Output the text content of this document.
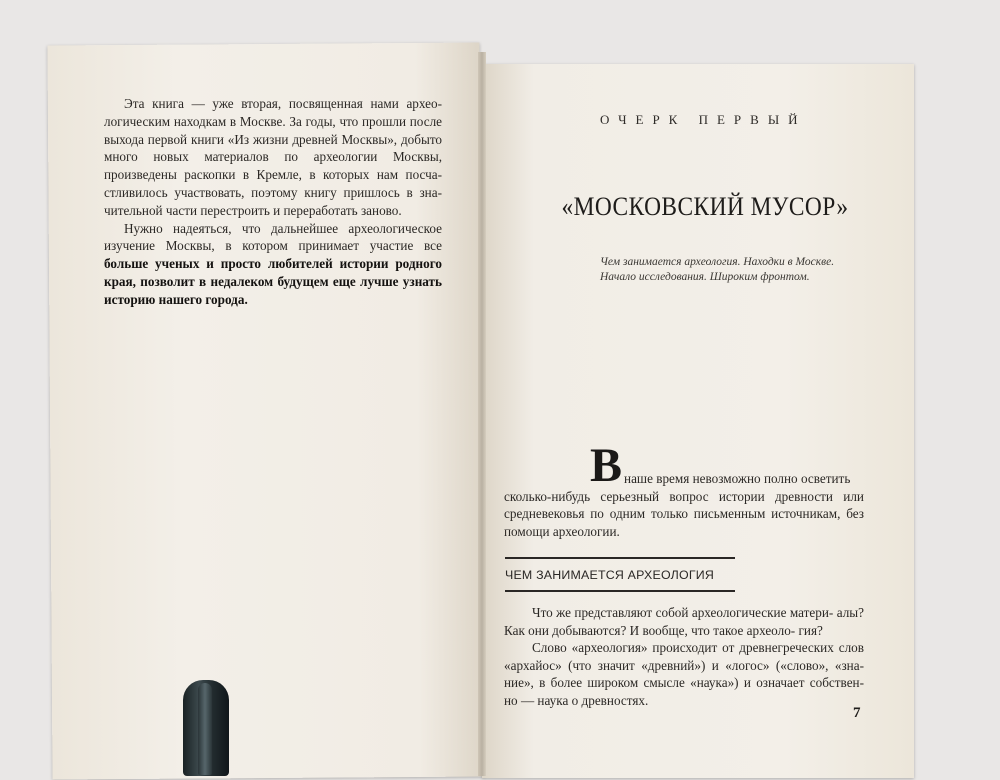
Эта книга — уже вторая, посвященная нами архео- логическим находкам в Москве. За годы, что прошли после выхода первой книги «Из жизни древней Москвы», добыто много новых материалов по археологии Москвы, произведены раскопки в Кремле, в которых нам посча- стливилось участвовать, поэтому книгу пришлось в зна- чительной части перестроить и переработать заново.

Нужно надеяться, что дальнейшее археологическое изучение Москвы, в котором принимает участие все больше ученых и просто любителей истории родного края, позволит в недалеком будущем еще лучше узнать историю нашего города.

ОЧЕРК ПЕРВЫЙ
«МОСКОВСКИЙ МУСОР»
Чем занимается археология. Находки в Москве.
Начало исследования. Широким фронтом.
В наше время невозможно полно осветить
сколько-нибудь серьезный вопрос истории древности или средневековья по одним только письменным источникам, без помощи археологии.
ЧЕМ ЗАНИМАЕТСЯ АРХЕОЛОГИЯ

Что же представляют собой археологические матери- алы? Как они добываются? И вообще, что такое археоло- гия?

Слово «археология» происходит от древнегреческих слов «архайос» (что значит «древний») и «логос» («слово», «зна- ние», в более широком смысле «наука») и означает собствен- но — наука о древностях.

7
